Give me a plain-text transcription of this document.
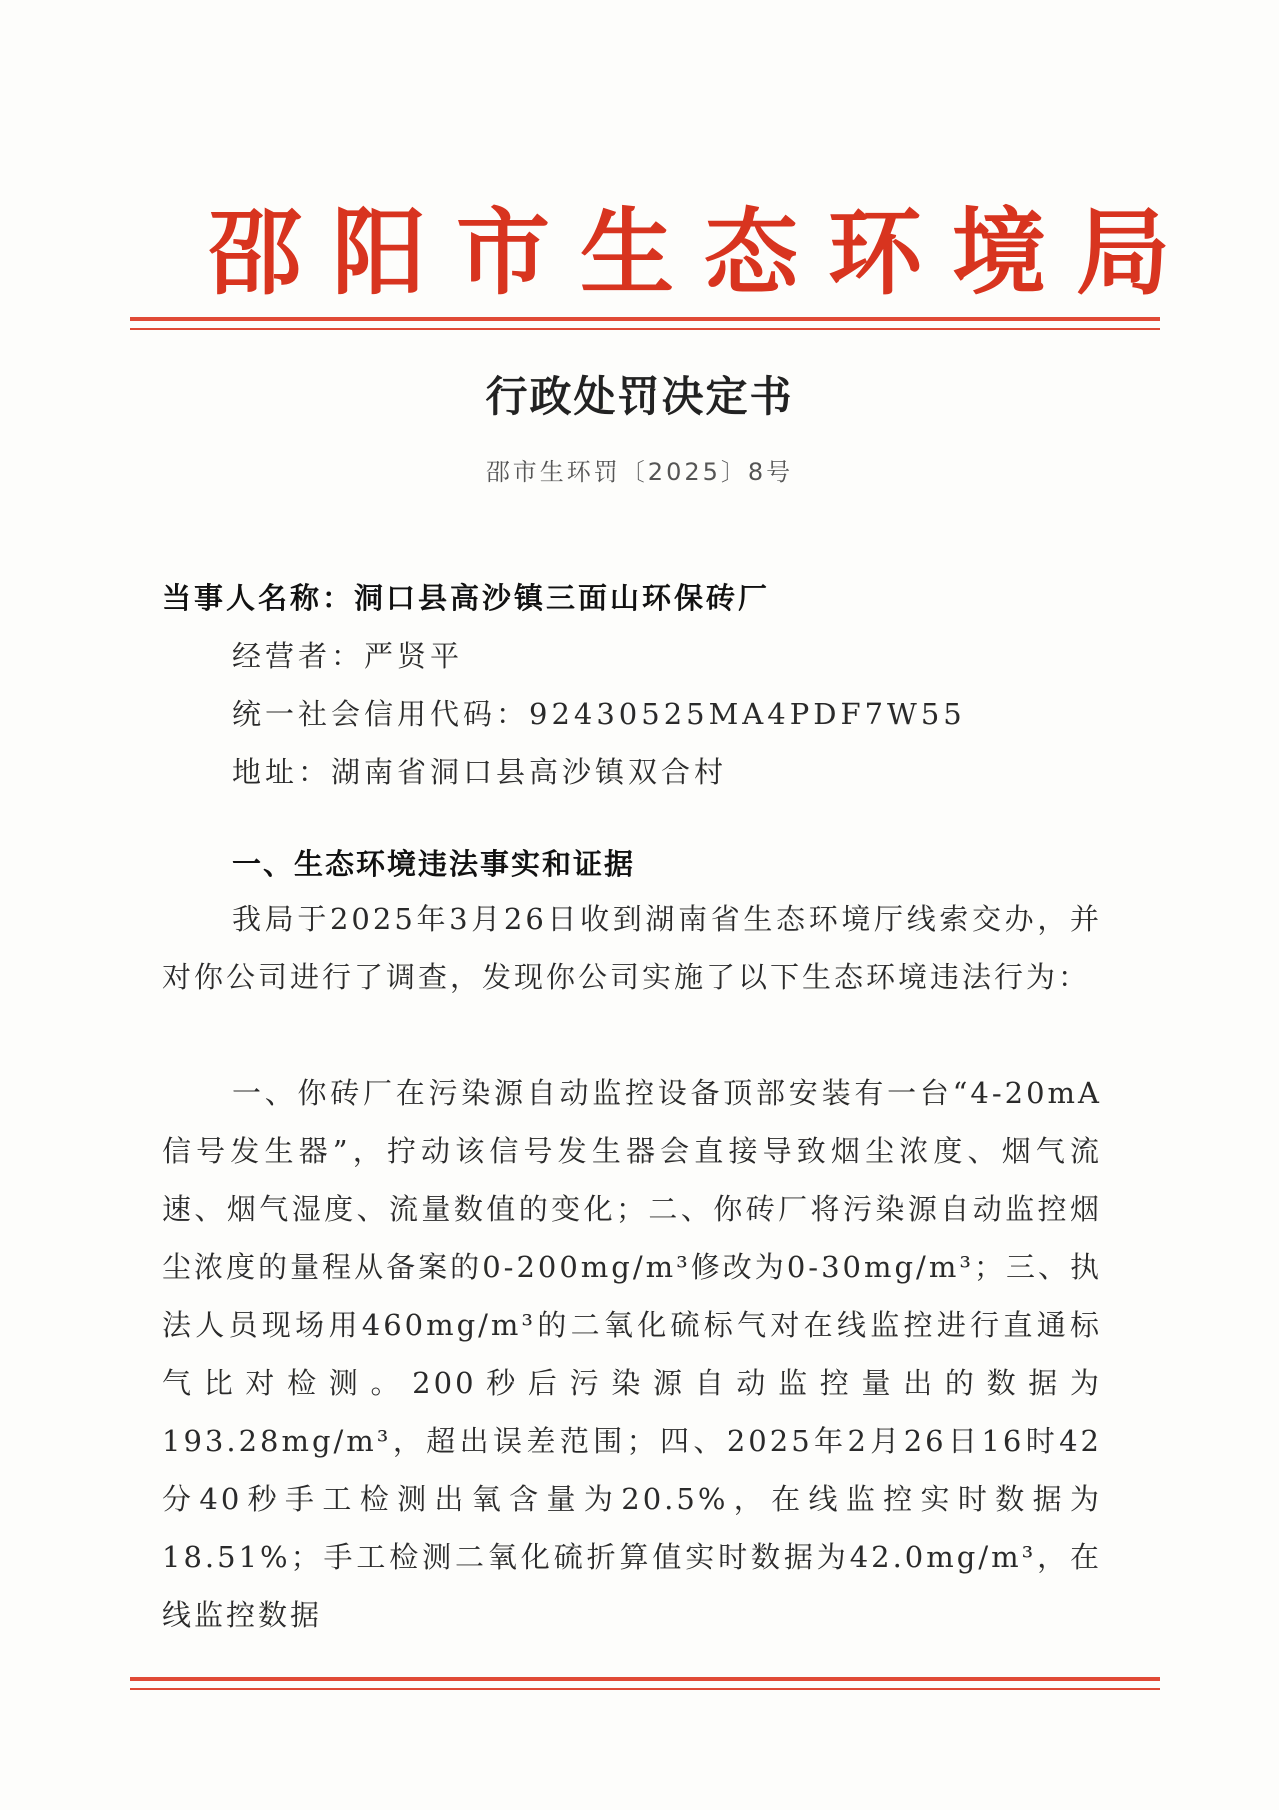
邵阳市生态环境局
行政处罚决定书
邵市生环罚〔2025〕8号
当事人名称：洞口县高沙镇三面山环保砖厂
经营者：严贤平
统一社会信用代码：92430525MA4PDF7W55
地址：湖南省洞口县高沙镇双合村
一、生态环境违法事实和证据

我局于2025年3月26日收到湖南省生态环境厅线索交办，并对你公司进行了调查，发现你公司实施了以下生态环境违法行为：

一、你砖厂在污染源自动监控设备顶部安装有一台“4-20mA信号发生器”，拧动该信号发生器会直接导致烟尘浓度、烟气流速、烟气湿度、流量数值的变化；二、你砖厂将污染源自动监控烟尘浓度的量程从备案的0-200mg/m³修改为0-30mg/m³；三、执法人员现场用460mg/m³的二氧化硫标气对在线监控进行直通标气比对检测。200秒后污染源自动监控量出的数据为193.28mg/m³，超出误差范围；四、2025年2月26日16时42分40秒手工检测出氧含量为20.5%，在线监控实时数据为18.51%；手工检测二氧化硫折算值实时数据为42.0mg/m³，在线监控数据
